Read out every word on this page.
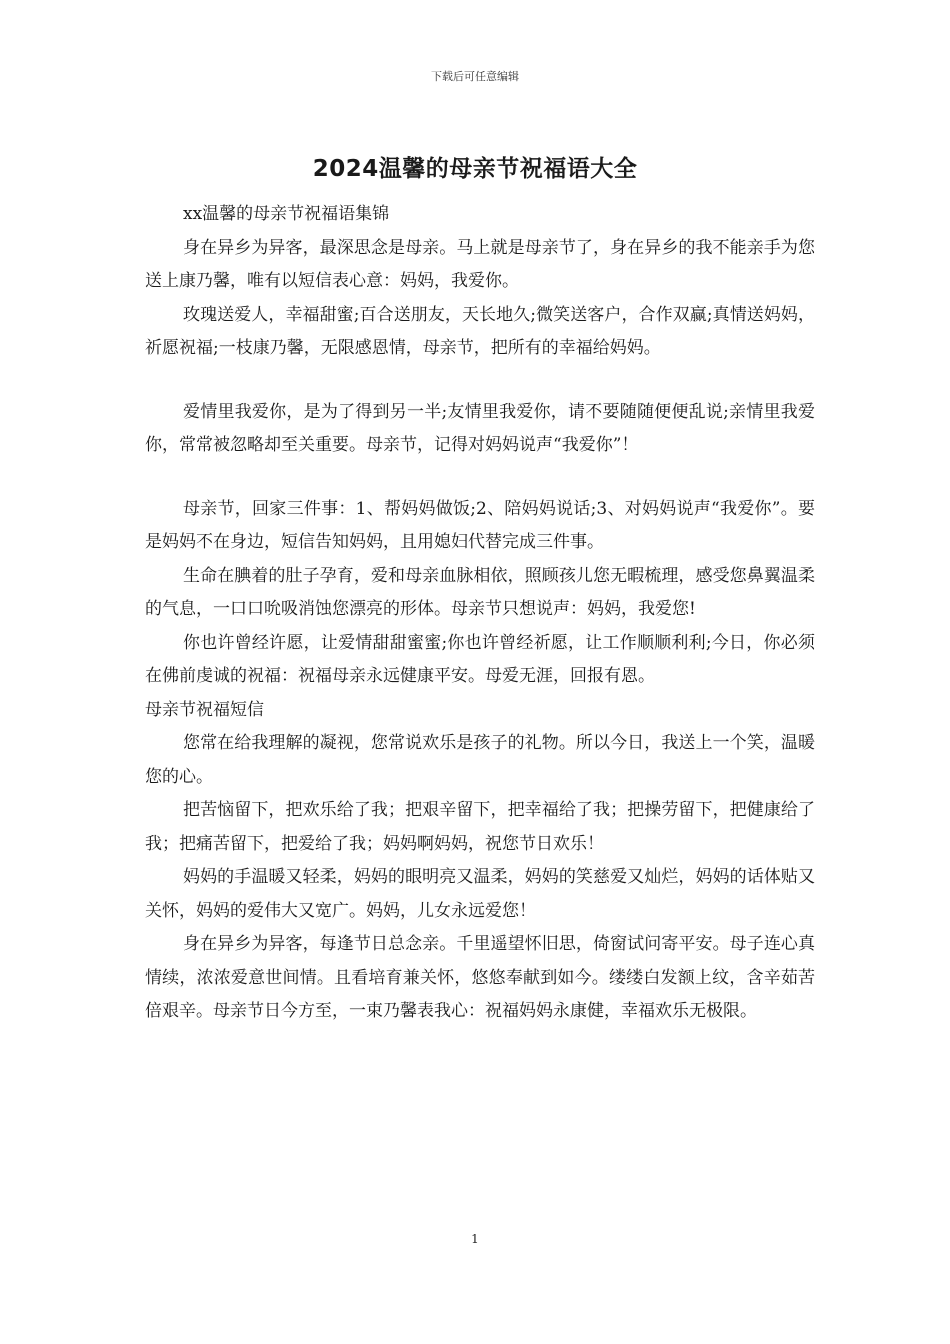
下载后可任意编辑
2024温馨的母亲节祝福语大全

xx温馨的母亲节祝福语集锦

身在异乡为异客，最深思念是母亲。马上就是母亲节了，身在异乡的我不能亲手为您送上康乃馨，唯有以短信表心意：妈妈，我爱你。

玫瑰送爱人，幸福甜蜜;百合送朋友，天长地久;微笑送客户，合作双赢;真情送妈妈，祈愿祝福;一枝康乃馨，无限感恩情，母亲节，把所有的幸福给妈妈。

爱情里我爱你，是为了得到另一半;友情里我爱你，请不要随随便便乱说;亲情里我爱你，常常被忽略却至关重要。母亲节，记得对妈妈说声“我爱你”！

母亲节，回家三件事：1、帮妈妈做饭;2、陪妈妈说话;3、对妈妈说声“我爱你”。要是妈妈不在身边，短信告知妈妈，且用媳妇代替完成三件事。

生命在腆着的肚子孕育，爱和母亲血脉相依，照顾孩儿您无暇梳理，感受您鼻翼温柔的气息，一口口吮吸消蚀您漂亮的形体。母亲节只想说声：妈妈，我爱您!

你也许曾经许愿，让爱情甜甜蜜蜜;你也许曾经祈愿，让工作顺顺利利;今日，你必须在佛前虔诚的祝福：祝福母亲永远健康平安。母爱无涯，回报有恩。

母亲节祝福短信

您常在给我理解的凝视，您常说欢乐是孩子的礼物。所以今日，我送上一个笑，温暖您的心。

把苦恼留下，把欢乐给了我；把艰辛留下，把幸福给了我；把操劳留下，把健康给了我；把痛苦留下，把爱给了我；妈妈啊妈妈，祝您节日欢乐！

妈妈的手温暖又轻柔，妈妈的眼明亮又温柔，妈妈的笑慈爱又灿烂，妈妈的话体贴又关怀，妈妈的爱伟大又宽广。妈妈，儿女永远爱您！

身在异乡为异客，每逢节日总念亲。千里遥望怀旧思，倚窗试问寄平安。母子连心真情续，浓浓爱意世间情。且看培育兼关怀，悠悠奉献到如今。缕缕白发额上纹，含辛茹苦倍艰辛。母亲节日今方至，一束乃馨表我心：祝福妈妈永康健，幸福欢乐无极限。

1
